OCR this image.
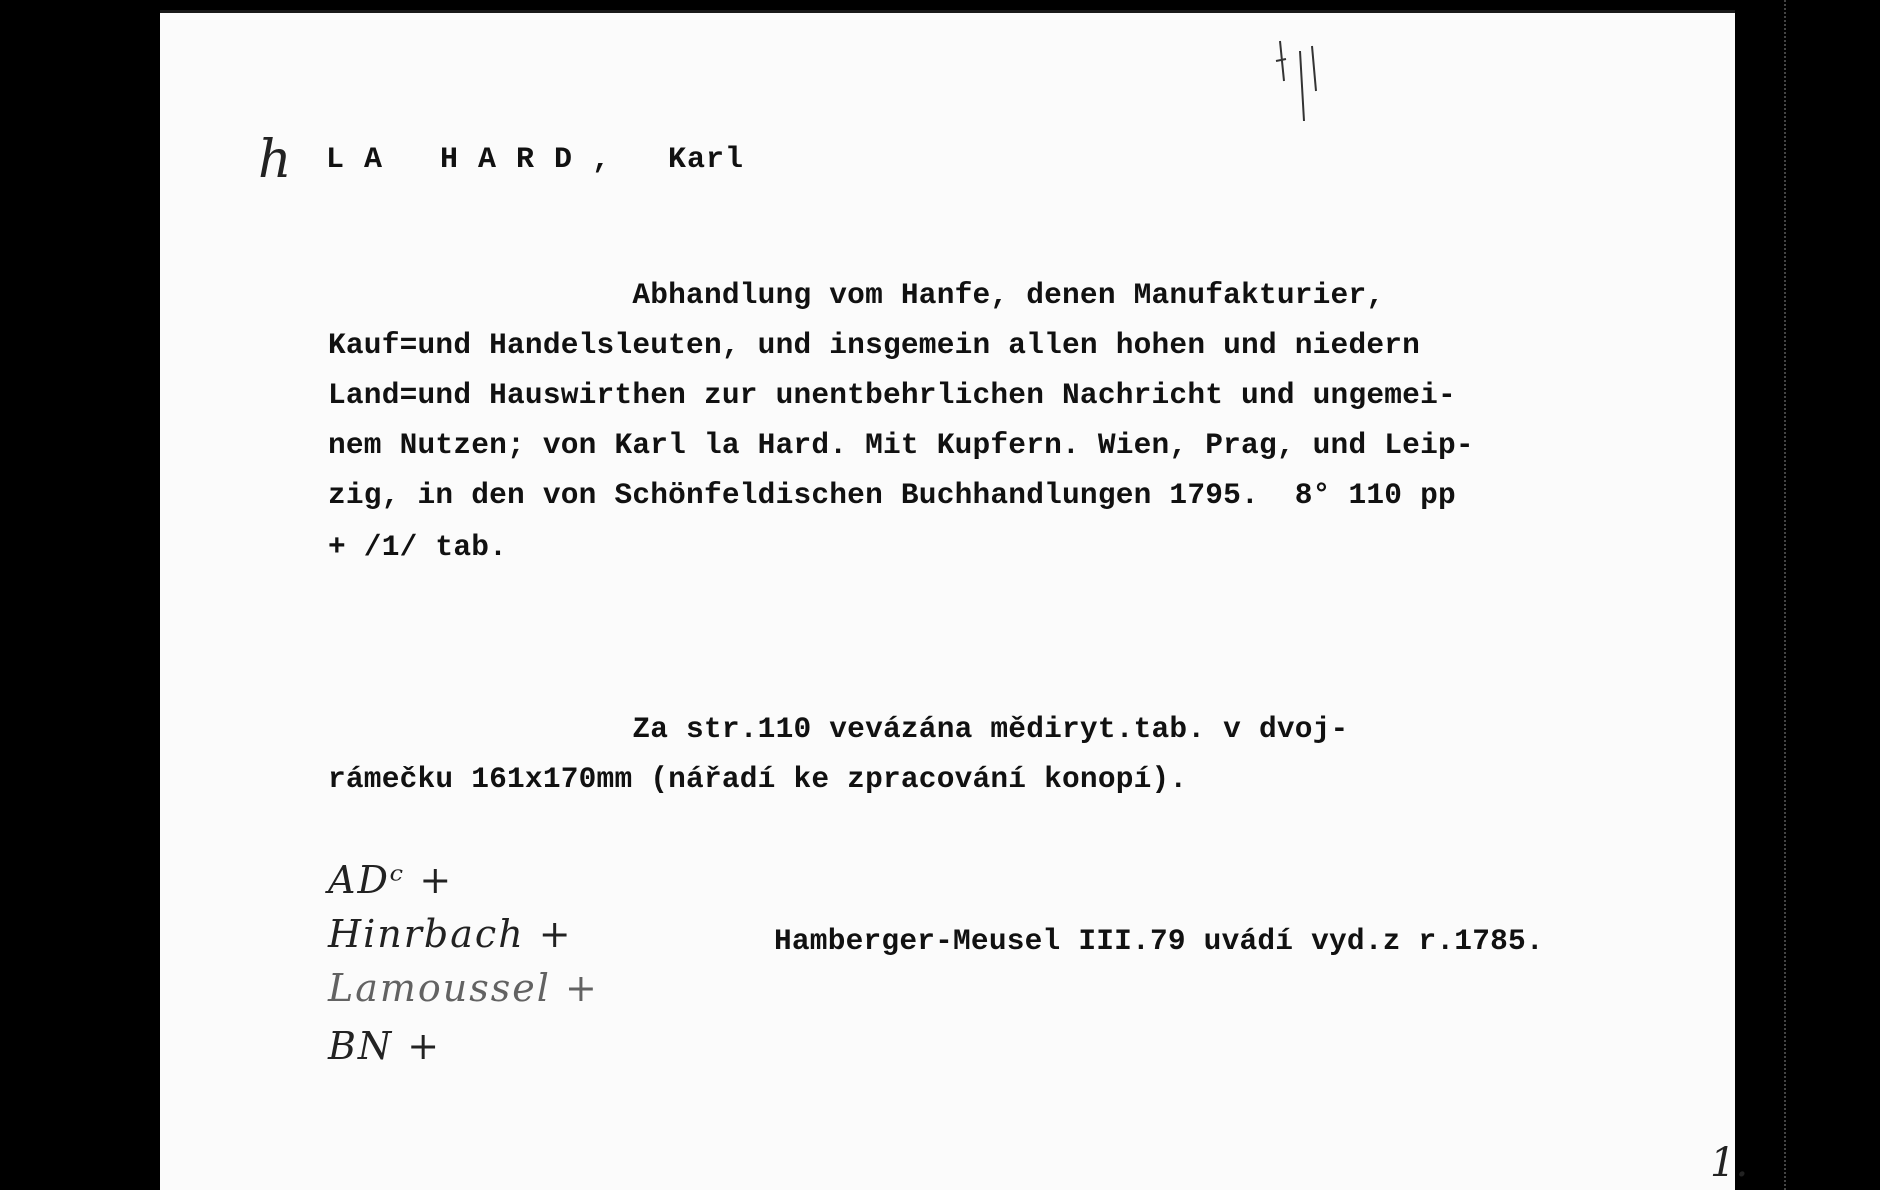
h L A   H A R D ,   Karl
Abhandlung vom Hanfe, denen Manufakturier,
Kauf=und Handelsleuten, und insgemein allen hohen und niedern
Land=und Hauswirthen zur unentbehrlichen Nachricht und ungemei-
nem Nutzen; von Karl la Hard. Mit Kupfern. Wien, Prag, und Leip-
zig, in den von Schönfeldischen Buchhandlungen 1795.  8° 110 pp
+ /1/ tab.
Za str.110 vevázána mědiryt.tab. v dvoj-
rámečku 161x170mm (nářadí ke zpracování konopí).
Hamberger-Meusel III.79 uvádí vyd.z r.1785.
ADᶜ +
Hinrbach +
Lamoussel +
BN +
1.
